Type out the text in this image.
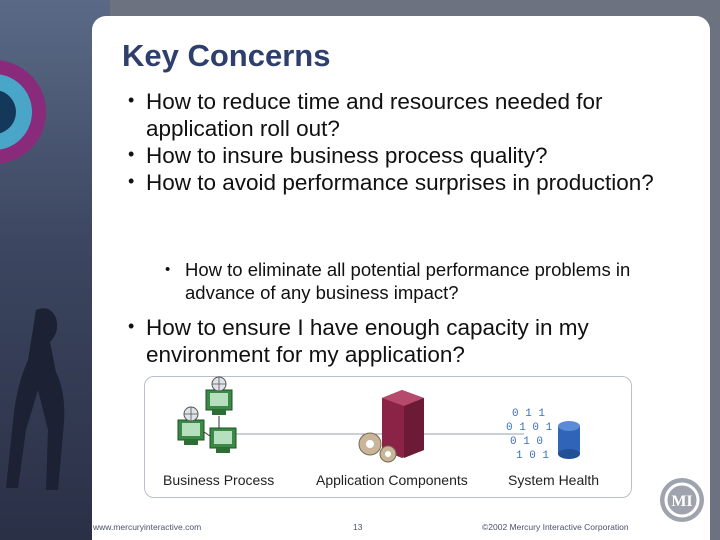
Key Concerns
• How to reduce time and resources needed for application roll out?
• How to insure business process quality?
• How to avoid performance surprises in production?
• How to eliminate all potential performance problems in advance of any business impact?
• How to ensure I have enough capacity in my environment for my application?
0 1 1
0 1 0 1
0 1 0
1 0 1
Business Process	Application Components	System Health
www.mercuryinteractive.com	13	©2002 Mercury Interactive Corporation
MI
